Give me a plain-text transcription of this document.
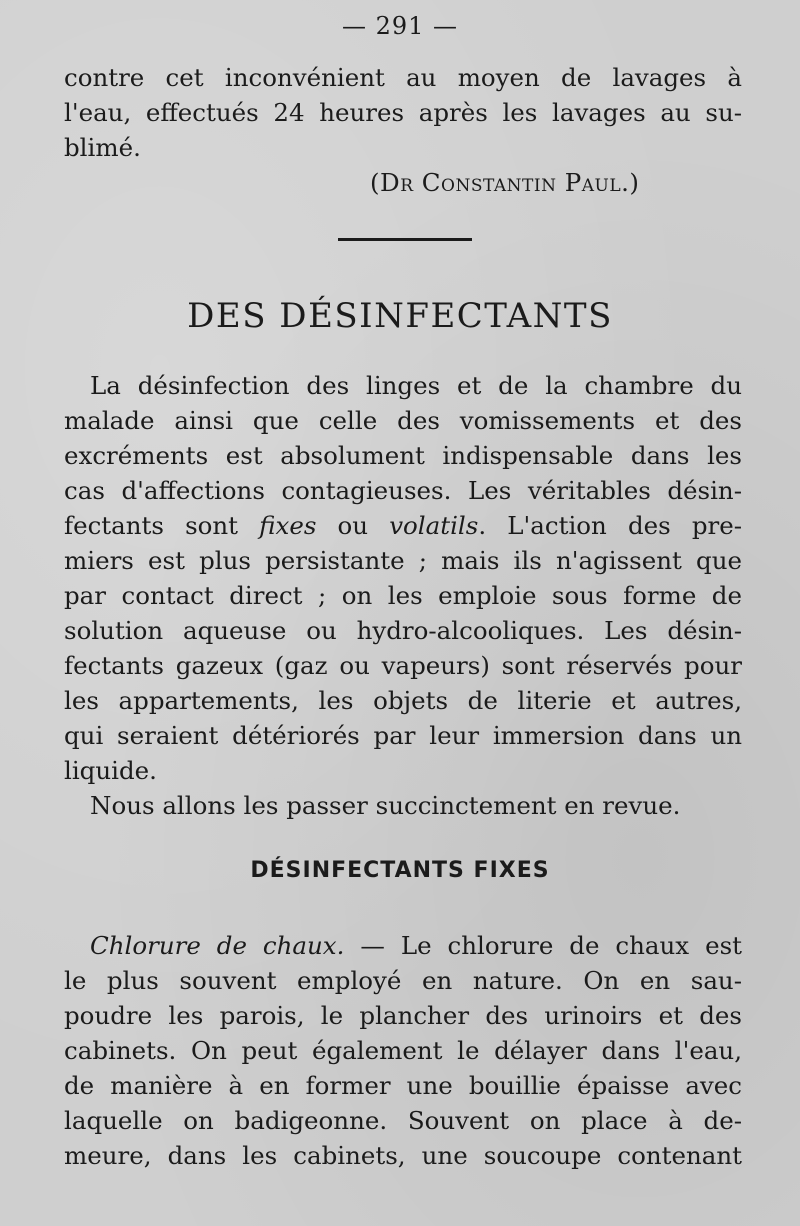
— 291 —
contre cet inconvénient au moyen de lavages à
l'eau, effectués 24 heures après les lavages au su-
blimé.
(Dr Constantin Paul.)
DES DÉSINFECTANTS
La désinfection des linges et de la chambre du
malade ainsi que celle des vomissements et des
excréments est absolument indispensable dans les
cas d'affections contagieuses. Les véritables désin-
fectants sont fixes ou volatils. L'action des pre-
miers est plus persistante ; mais ils n'agissent que
par contact direct ; on les emploie sous forme de
solution aqueuse ou hydro-alcooliques. Les désin-
fectants gazeux (gaz ou vapeurs) sont réservés pour
les appartements, les objets de literie et autres,
qui seraient détériorés par leur immersion dans un
liquide.
Nous allons les passer succinctement en revue.
DÉSINFECTANTS FIXES
Chlorure de chaux. — Le chlorure de chaux est
le plus souvent employé en nature. On en sau-
poudre les parois, le plancher des urinoirs et des
cabinets. On peut également le délayer dans l'eau,
de manière à en former une bouillie épaisse avec
laquelle on badigeonne. Souvent on place à de-
meure, dans les cabinets, une soucoupe contenant
